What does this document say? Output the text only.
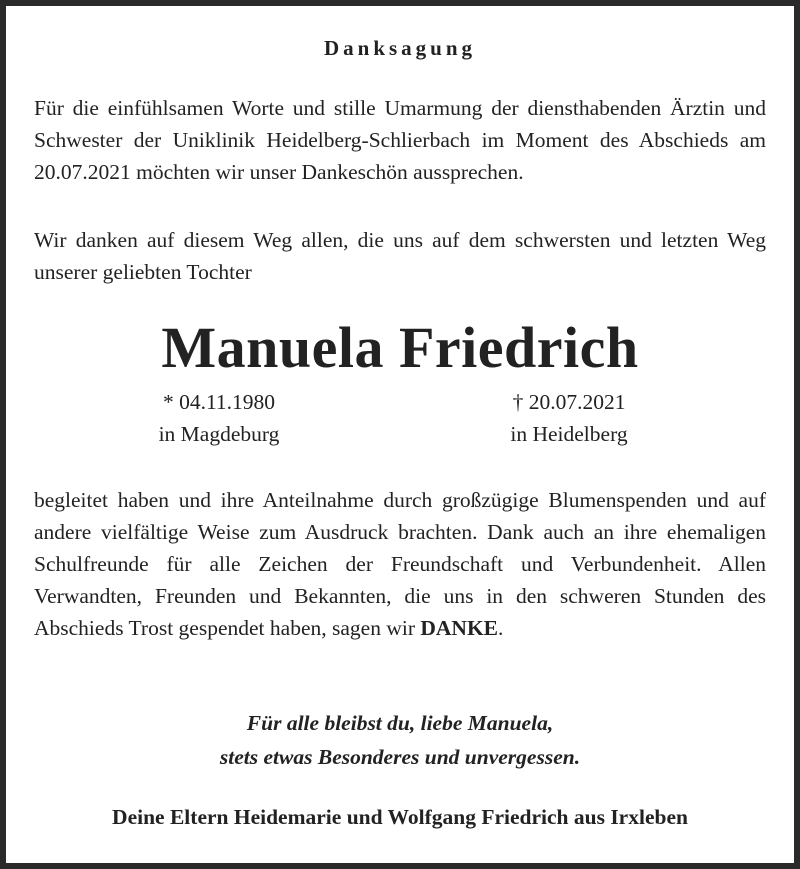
Danksagung

Für die einfühlsamen Worte und stille Umarmung der diensthabenden Ärztin und Schwester der Uniklinik Heidelberg-Schlierbach im Moment des Abschieds am 20.07.2021 möchten wir unser Dankeschön aussprechen.

Wir danken auf diesem Weg allen, die uns auf dem schwersten und letzten Weg unserer geliebten Tochter

Manuela Friedrich
* 04.11.1980
in Magdeburg
† 20.07.2021
in Heidelberg

begleitet haben und ihre Anteilnahme durch großzügige Blumenspenden und auf andere vielfältige Weise zum Ausdruck brachten. Dank auch an ihre ehemaligen Schulfreunde für alle Zeichen der Freundschaft und Verbundenheit. Allen Verwandten, Freunden und Bekannten, die uns in den schweren Stunden des Abschieds Trost gespendet haben, sagen wir DANKE.

Für alle bleibst du, liebe Manuela,
stets etwas Besonderes und unvergessen.

Deine Eltern Heidemarie und Wolfgang Friedrich aus Irxleben
